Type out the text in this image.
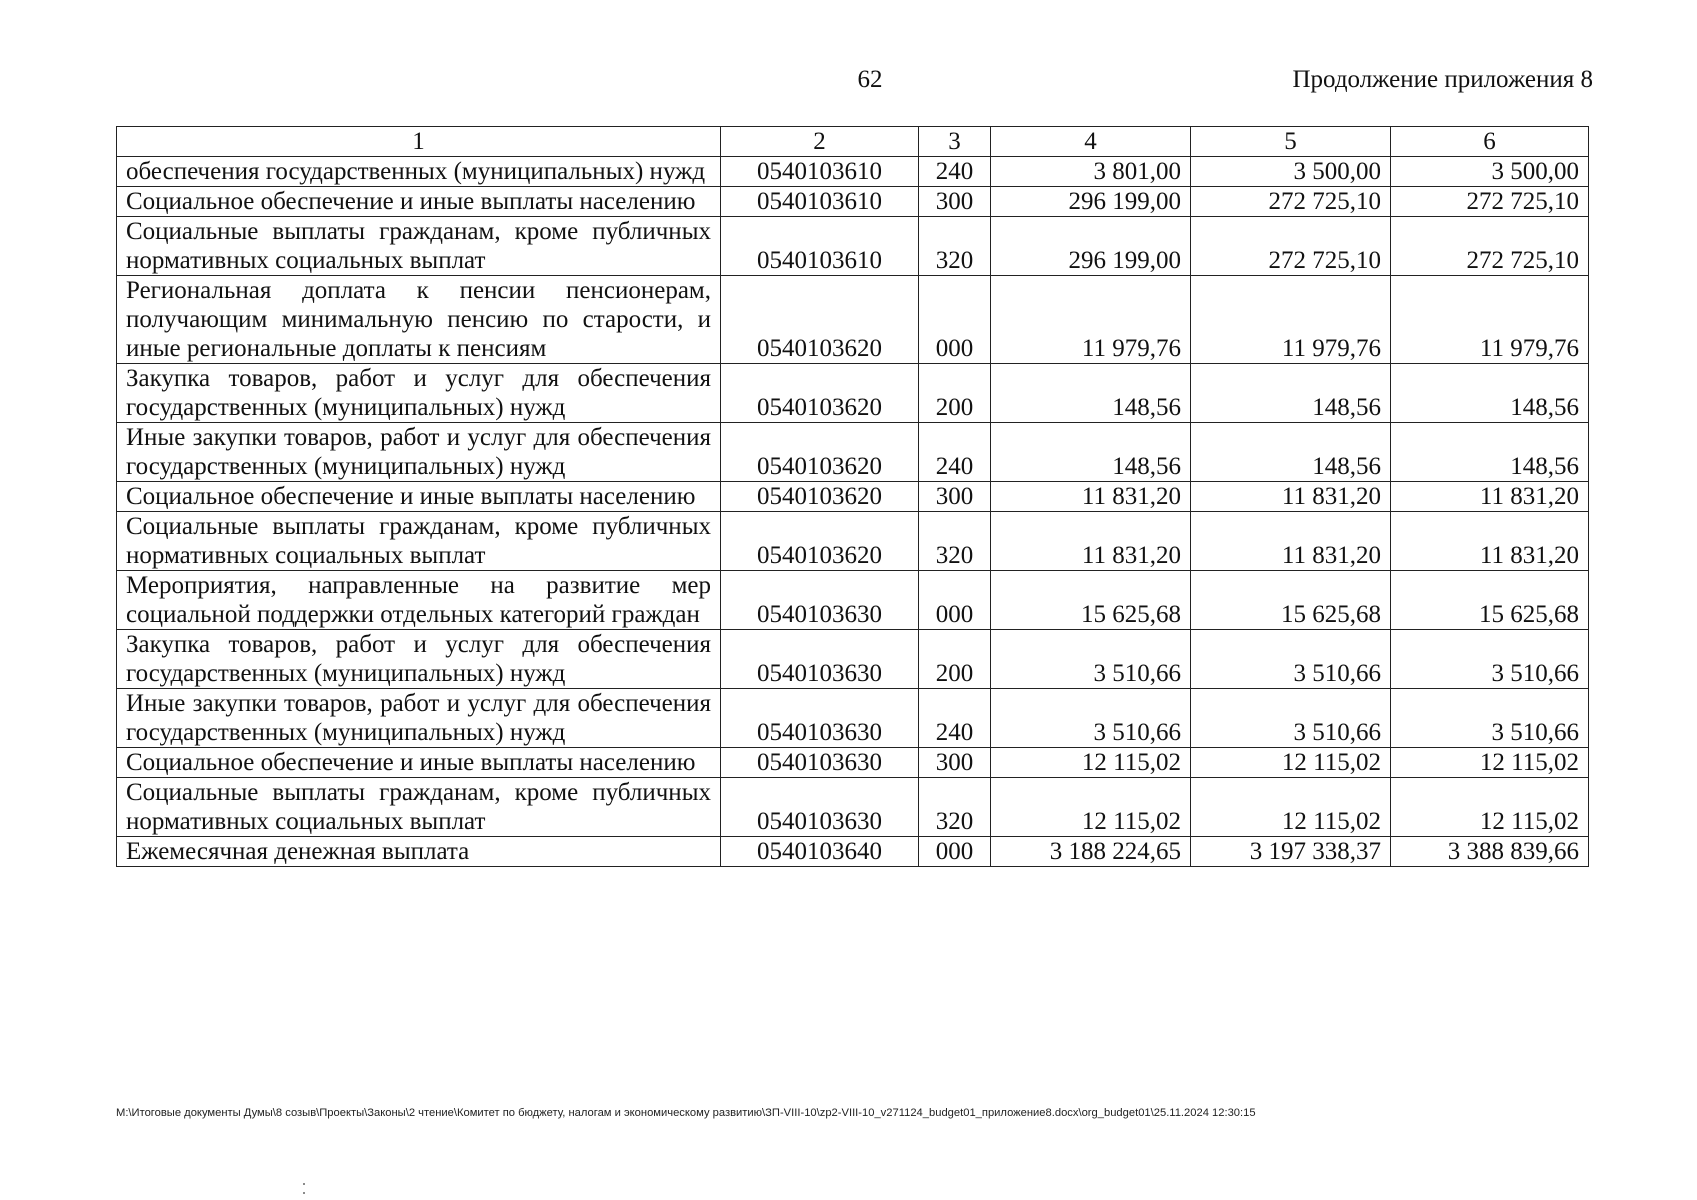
62	Продолжение приложения 8
1	2	3	4	5	6
обеспечения государственных (муниципальных) нужд	0540103610	240	3 801,00	3 500,00	3 500,00
Социальное обеспечение и иные выплаты населению	0540103610	300	296 199,00	272 725,10	272 725,10
Социальные выплаты гражданам, кроме публичных нормативных социальных выплат	0540103610	320	296 199,00	272 725,10	272 725,10
Региональная доплата к пенсии пенсионерам, получающим минимальную пенсию по старости, и иные региональные доплаты к пенсиям	0540103620	000	11 979,76	11 979,76	11 979,76
Закупка товаров, работ и услуг для обеспечения государственных (муниципальных) нужд	0540103620	200	148,56	148,56	148,56
Иные закупки товаров, работ и услуг для обеспечения государственных (муниципальных) нужд	0540103620	240	148,56	148,56	148,56
Социальное обеспечение и иные выплаты населению	0540103620	300	11 831,20	11 831,20	11 831,20
Социальные выплаты гражданам, кроме публичных нормативных социальных выплат	0540103620	320	11 831,20	11 831,20	11 831,20
Мероприятия, направленные на развитие мер социальной поддержки отдельных категорий граждан	0540103630	000	15 625,68	15 625,68	15 625,68
Закупка товаров, работ и услуг для обеспечения государственных (муниципальных) нужд	0540103630	200	3 510,66	3 510,66	3 510,66
Иные закупки товаров, работ и услуг для обеспечения государственных (муниципальных) нужд	0540103630	240	3 510,66	3 510,66	3 510,66
Социальное обеспечение и иные выплаты населению	0540103630	300	12 115,02	12 115,02	12 115,02
Социальные выплаты гражданам, кроме публичных нормативных социальных выплат	0540103630	320	12 115,02	12 115,02	12 115,02
Ежемесячная денежная выплата	0540103640	000	3 188 224,65	3 197 338,37	3 388 839,66
M:\Итоговые документы Думы\8 созыв\Проекты\Законы\2 чтение\Комитет по бюджету, налогам и экономическому развитию\ЗП-VIII-10\zp2-VIII-10_v271124_budget01_приложение8.docx\org_budget01\25.11.2024 12:30:15
